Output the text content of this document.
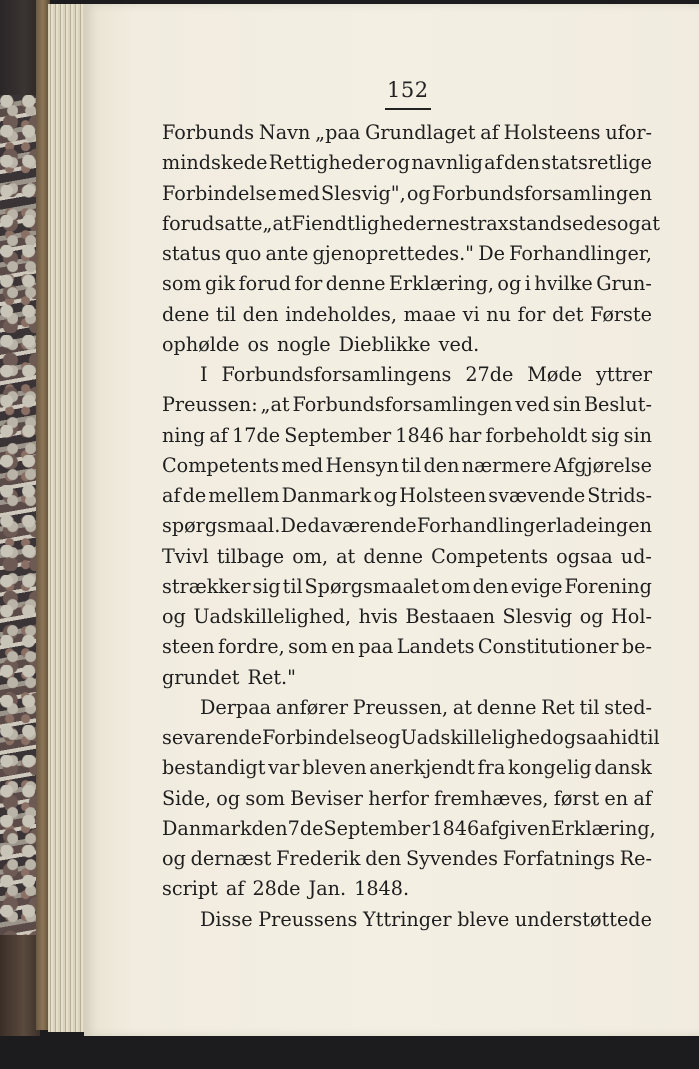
152
Forbunds Navn „paa Grundlaget af Holsteens ufor-
mindskede Rettigheder og navnlig af den statsretlige
Forbindelse med Slesvig", og Forbundsforsamlingen
forudsatte „at Fiendtlighederne strax standsedes og at
status quo ante gjenoprettedes." De Forhandlinger,
som gik forud for denne Erklæring, og i hvilke Grun-
dene til den indeholdes, maae vi nu for det Første
ophølde os nogle Dieblikke ved.
I Forbundsforsamlingens 27de Møde yttrer
Preussen: „at Forbundsforsamlingen ved sin Beslut-
ning af 17de September 1846 har forbeholdt sig sin
Competents med Hensyn til den nærmere Afgjørelse
af de mellem Danmark og Holsteen svævende Strids-
spørgsmaal. De daværende Forhandlinger lade ingen
Tvivl tilbage om, at denne Competents ogsaa ud-
strækker sig til Spørgsmaalet om den evige Forening
og Uadskillelighed, hvis Bestaaen Slesvig og Hol-
steen fordre, som en paa Landets Constitutioner be-
grundet Ret."
Derpaa anfører Preussen, at denne Ret til sted-
sevarende Forbindelse og Uadskillelighed ogsaa hidtil
bestandigt var bleven anerkjendt fra kongelig dansk
Side, og som Beviser herfor fremhæves, først en af
Danmark den 7de September 1846 afgiven Erklæring,
og dernæst Frederik den Syvendes Forfatnings Re-
script af 28de Jan. 1848.
Disse Preussens Yttringer bleve understøttede
